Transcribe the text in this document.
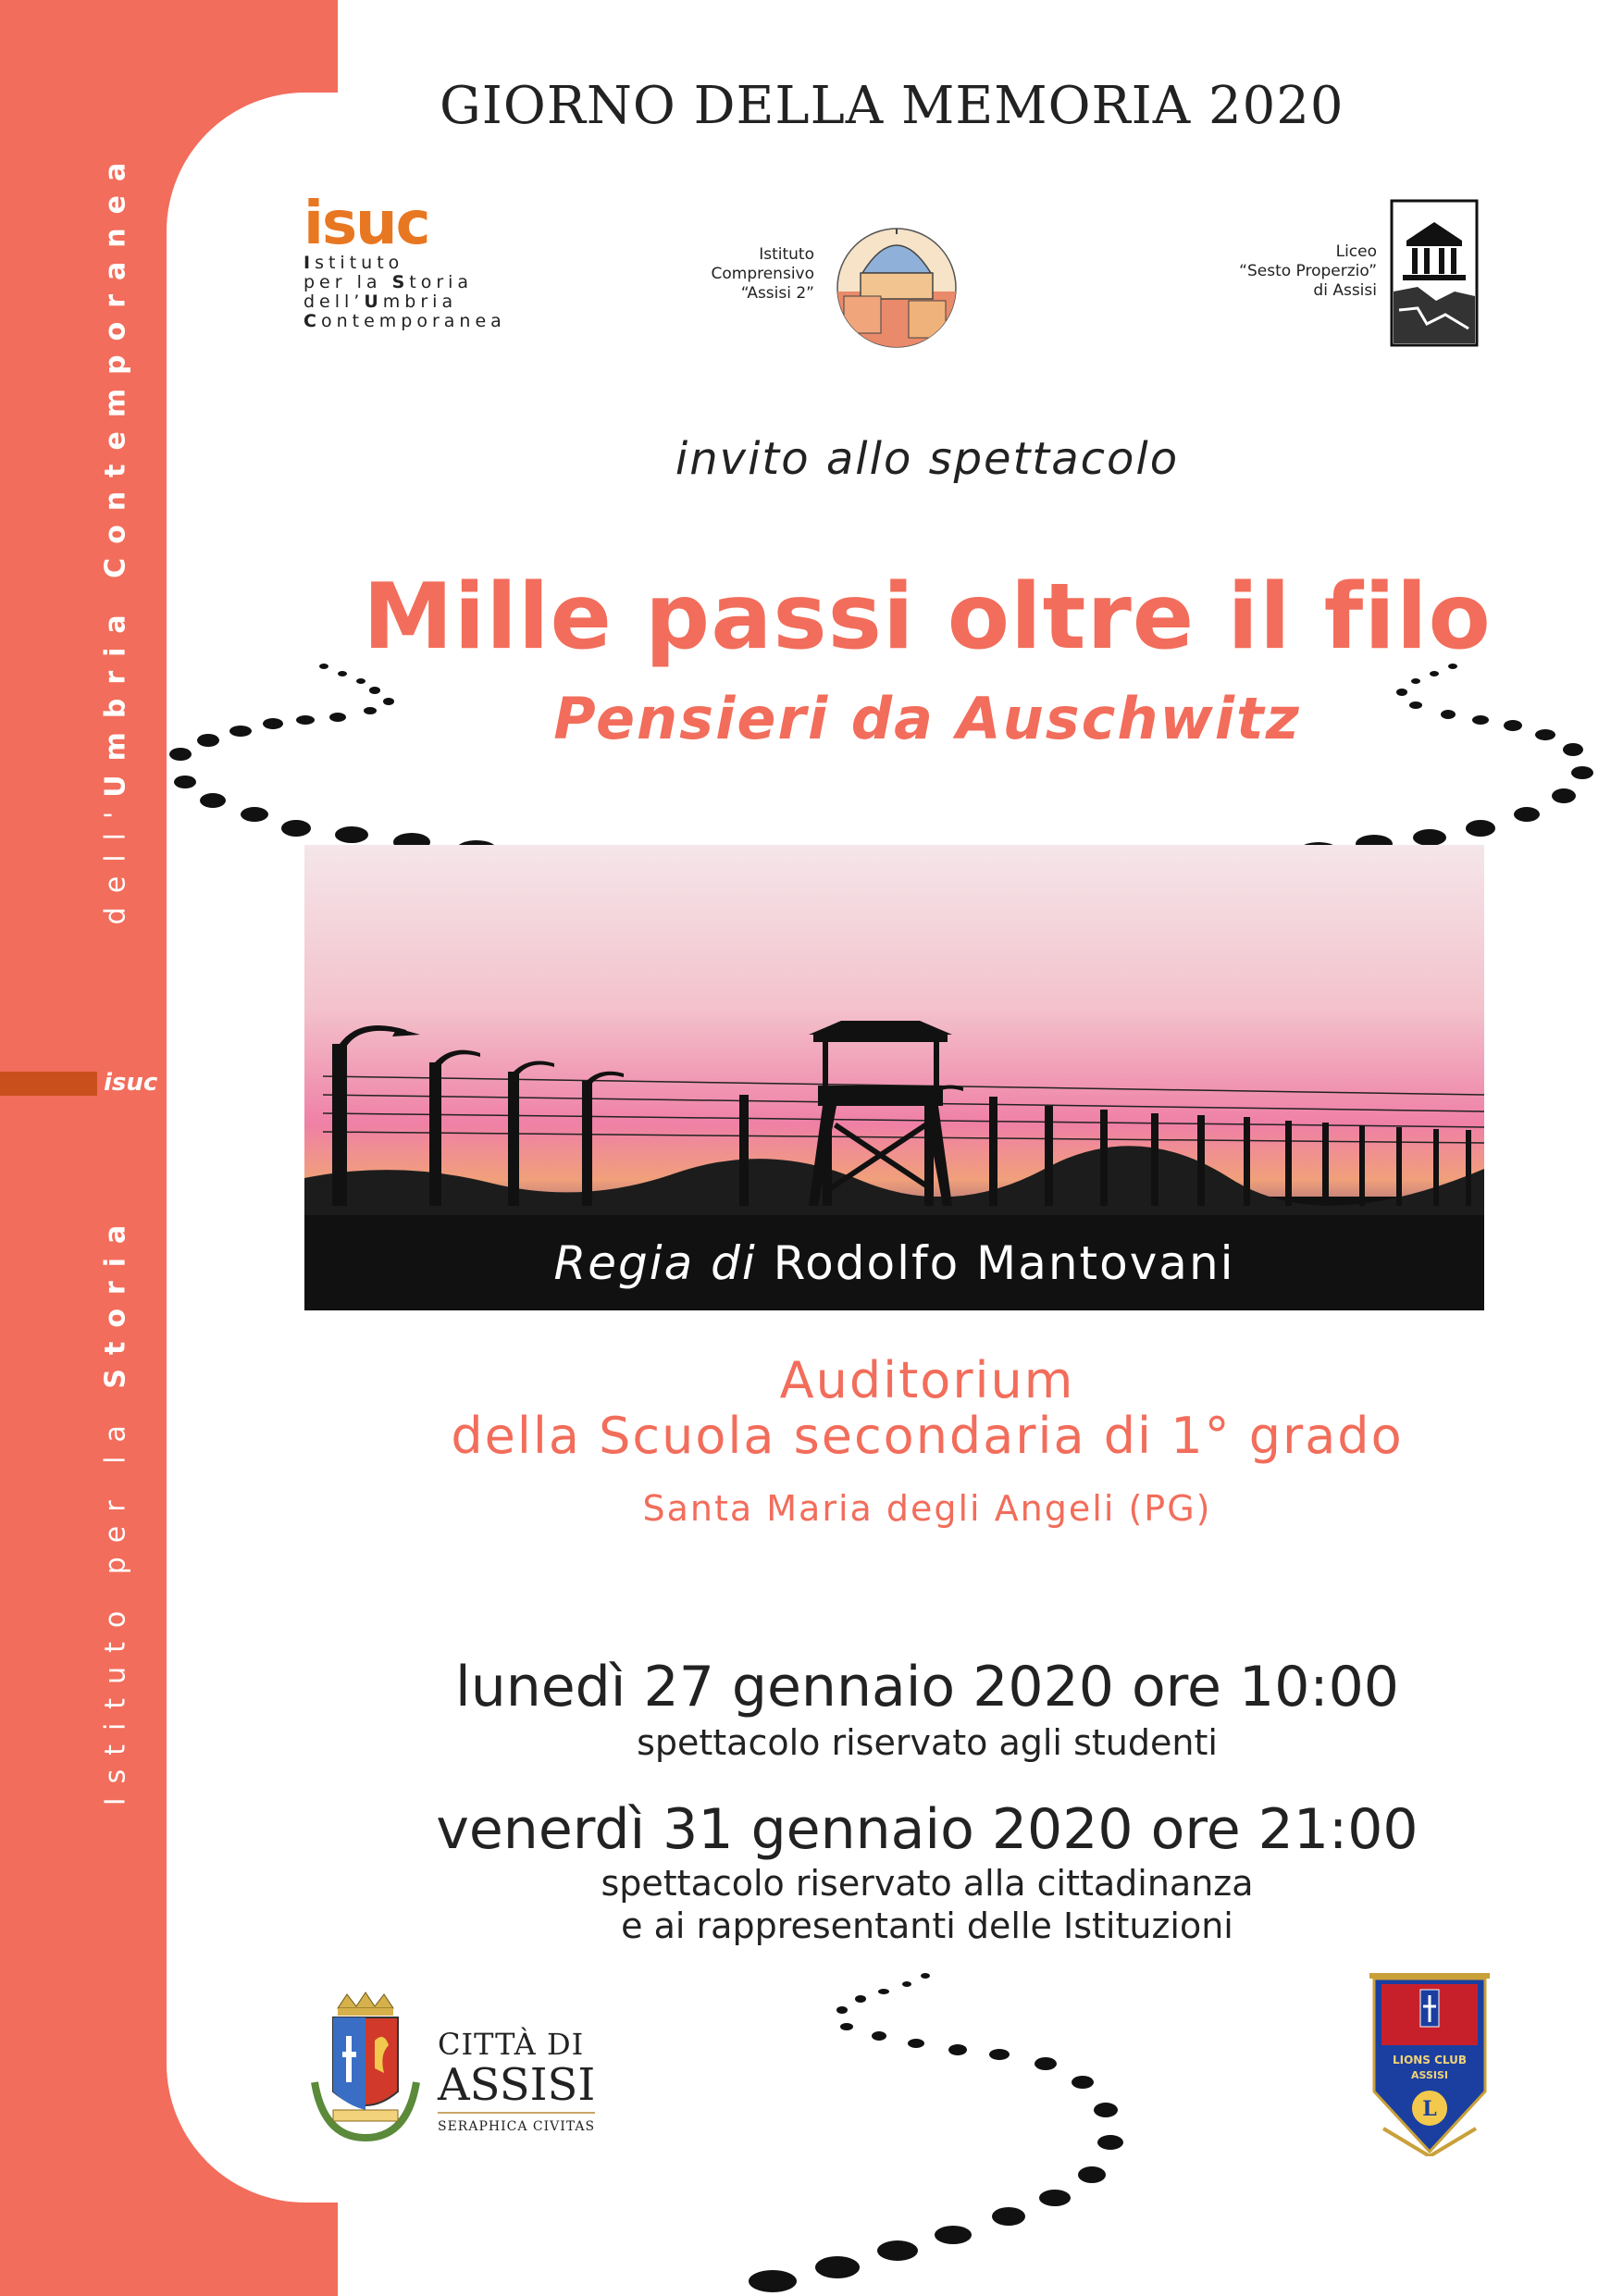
Istituto per la Storia
dell'Umbria Contemporanea
isuc
GIORNO DELLA MEMORIA 2020
isuc
Istituto
per la Storia
dell’Umbria
Contemporanea
Istituto
Comprensivo
“Assisi 2”
Liceo
“Sesto Properzio”
di Assisi
invito allo spettacolo
Mille passi oltre il filo
Pensieri da Auschwitz
Regia di Rodolfo Mantovani
Auditorium
della Scuola secondaria di 1° grado
Santa Maria degli Angeli (PG)
lunedì 27 gennaio 2020 ore 10:00
spettacolo riservato agli studenti
venerdì 31 gennaio 2020 ore 21:00
spettacolo riservato alla cittadinanza
e ai rappresentanti delle Istituzioni
CITTÀ DI
ASSISI
SERAPHICA CIVITAS
LIONS CLUB
ASSISI
L
